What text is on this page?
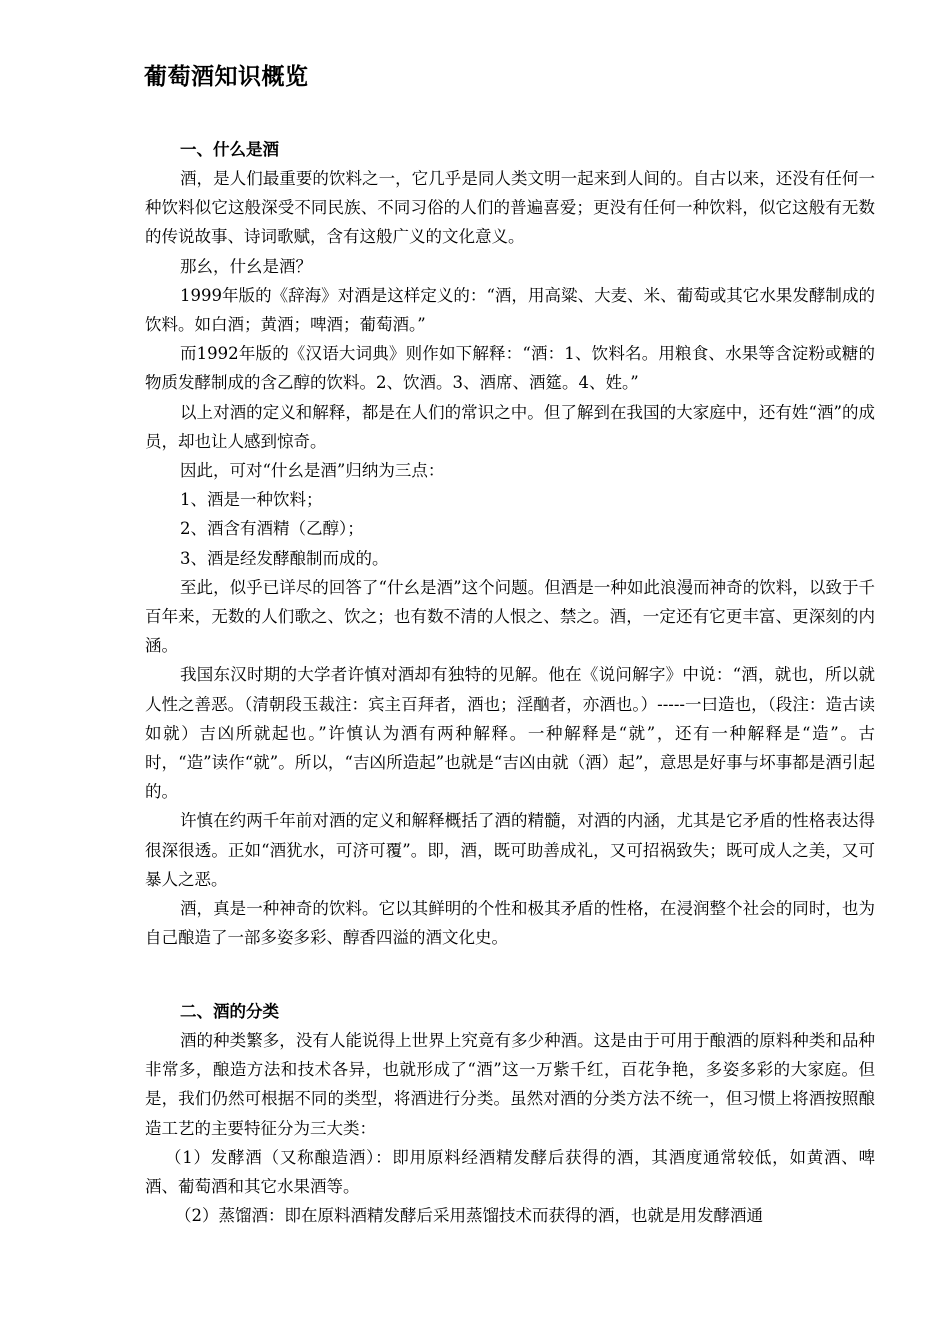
葡萄酒知识概览
一、什么是酒

酒，是人们最重要的饮料之一，它几乎是同人类文明一起来到人间的。自古以来，还没有任何一种饮料似它这般深受不同民族、不同习俗的人们的普遍喜爱；更没有任何一种饮料，似它这般有无数的传说故事、诗词歌赋，含有这般广义的文化意义。

那幺，什幺是酒？

1999年版的《辞海》对酒是这样定义的：“酒，用高粱、大麦、米、葡萄或其它水果发酵制成的饮料。如白酒；黄酒；啤酒；葡萄酒。”

而1992年版的《汉语大词典》则作如下解释：“酒：1、饮料名。用粮食、水果等含淀粉或糖的物质发酵制成的含乙醇的饮料。2、饮酒。3、酒席、酒筵。4、姓。”

以上对酒的定义和解释，都是在人们的常识之中。但了解到在我国的大家庭中，还有姓“酒”的成员，却也让人感到惊奇。

因此，可对“什幺是酒”归纳为三点：

1、酒是一种饮料；

2、酒含有酒精（乙醇）；

3、酒是经发酵酿制而成的。

至此，似乎已详尽的回答了“什幺是酒”这个问题。但酒是一种如此浪漫而神奇的饮料，以致于千百年来，无数的人们歌之、饮之；也有数不清的人恨之、禁之。酒，一定还有它更丰富、更深刻的内涵。

我国东汉时期的大学者许慎对酒却有独特的见解。他在《说问解字》中说：“酒，就也，所以就人性之善恶。（清朝段玉裁注：宾主百拜者，酒也；淫酗者，亦酒也。）-----一曰造也，（段注：造古读如就）吉凶所就起也。”许慎认为酒有两种解释。一种解释是“就”，还有一种解释是“造”。古时，“造”读作“就”。所以，“吉凶所造起”也就是“吉凶由就（酒）起”，意思是好事与坏事都是酒引起的。

许慎在约两千年前对酒的定义和解释概括了酒的精髓，对酒的内涵，尤其是它矛盾的性格表达得很深很透。正如“酒犹水，可济可覆”。即，酒，既可助善成礼，又可招祸致失；既可成人之美，又可暴人之恶。

酒，真是一种神奇的饮料。它以其鲜明的个性和极其矛盾的性格，在浸润整个社会的同时，也为自己酿造了一部多姿多彩、醇香四溢的酒文化史。

二、酒的分类

酒的种类繁多，没有人能说得上世界上究竟有多少种酒。这是由于可用于酿酒的原料种类和品种非常多，酿造方法和技术各异，也就形成了“酒”这一万紫千红，百花争艳，多姿多彩的大家庭。但是，我们仍然可根据不同的类型，将酒进行分类。虽然对酒的分类方法不统一，但习惯上将酒按照酿造工艺的主要特征分为三大类：

（1）发酵酒（又称酿造酒）：即用原料经酒精发酵后获得的酒，其酒度通常较低，如黄酒、啤酒、葡萄酒和其它水果酒等。

（2）蒸馏酒：即在原料酒精发酵后采用蒸馏技术而获得的酒，也就是用发酵酒通
